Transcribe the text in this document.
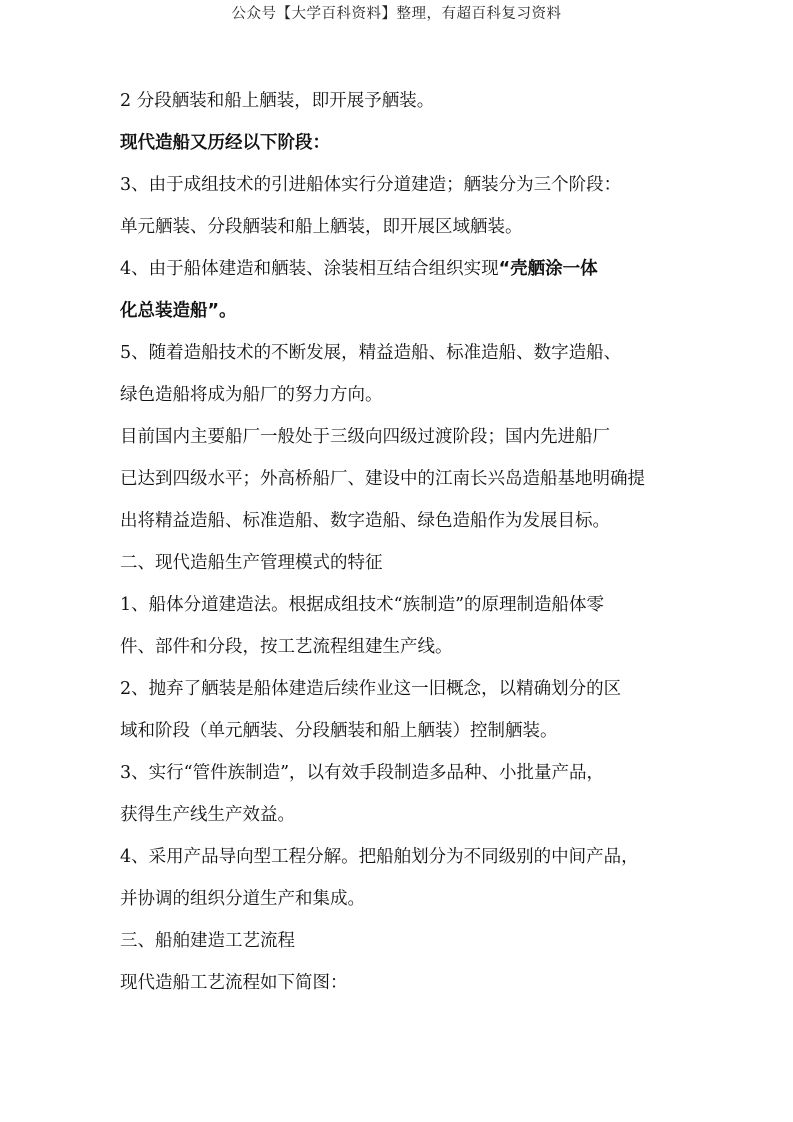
公众号【大学百科资料】整理，有超百科复习资料
2 分段舾装和船上舾装，即开展予舾装。
现代造船又历经以下阶段：
3、由于成组技术的引进船体实行分道建造；舾装分为三个阶段：
单元舾装、分段舾装和船上舾装，即开展区域舾装。
4、由于船体建造和舾装、涂装相互结合组织实现“壳舾涂一体
化总装造船”。
5、随着造船技术的不断发展，精益造船、标准造船、数字造船、
绿色造船将成为船厂的努力方向。
目前国内主要船厂一般处于三级向四级过渡阶段；国内先进船厂
已达到四级水平；外高桥船厂、建设中的江南长兴岛造船基地明确提
出将精益造船、标准造船、数字造船、绿色造船作为发展目标。
二、现代造船生产管理模式的特征
1、船体分道建造法。根据成组技术“族制造”的原理制造船体零
件、部件和分段，按工艺流程组建生产线。
2、抛弃了舾装是船体建造后续作业这一旧概念，以精确划分的区
域和阶段（单元舾装、分段舾装和船上舾装）控制舾装。
3、实行“管件族制造”，以有效手段制造多品种、小批量产品，
获得生产线生产效益。
4、采用产品导向型工程分解。把船舶划分为不同级别的中间产品，
并协调的组织分道生产和集成。
三、船舶建造工艺流程
现代造船工艺流程如下简图：
